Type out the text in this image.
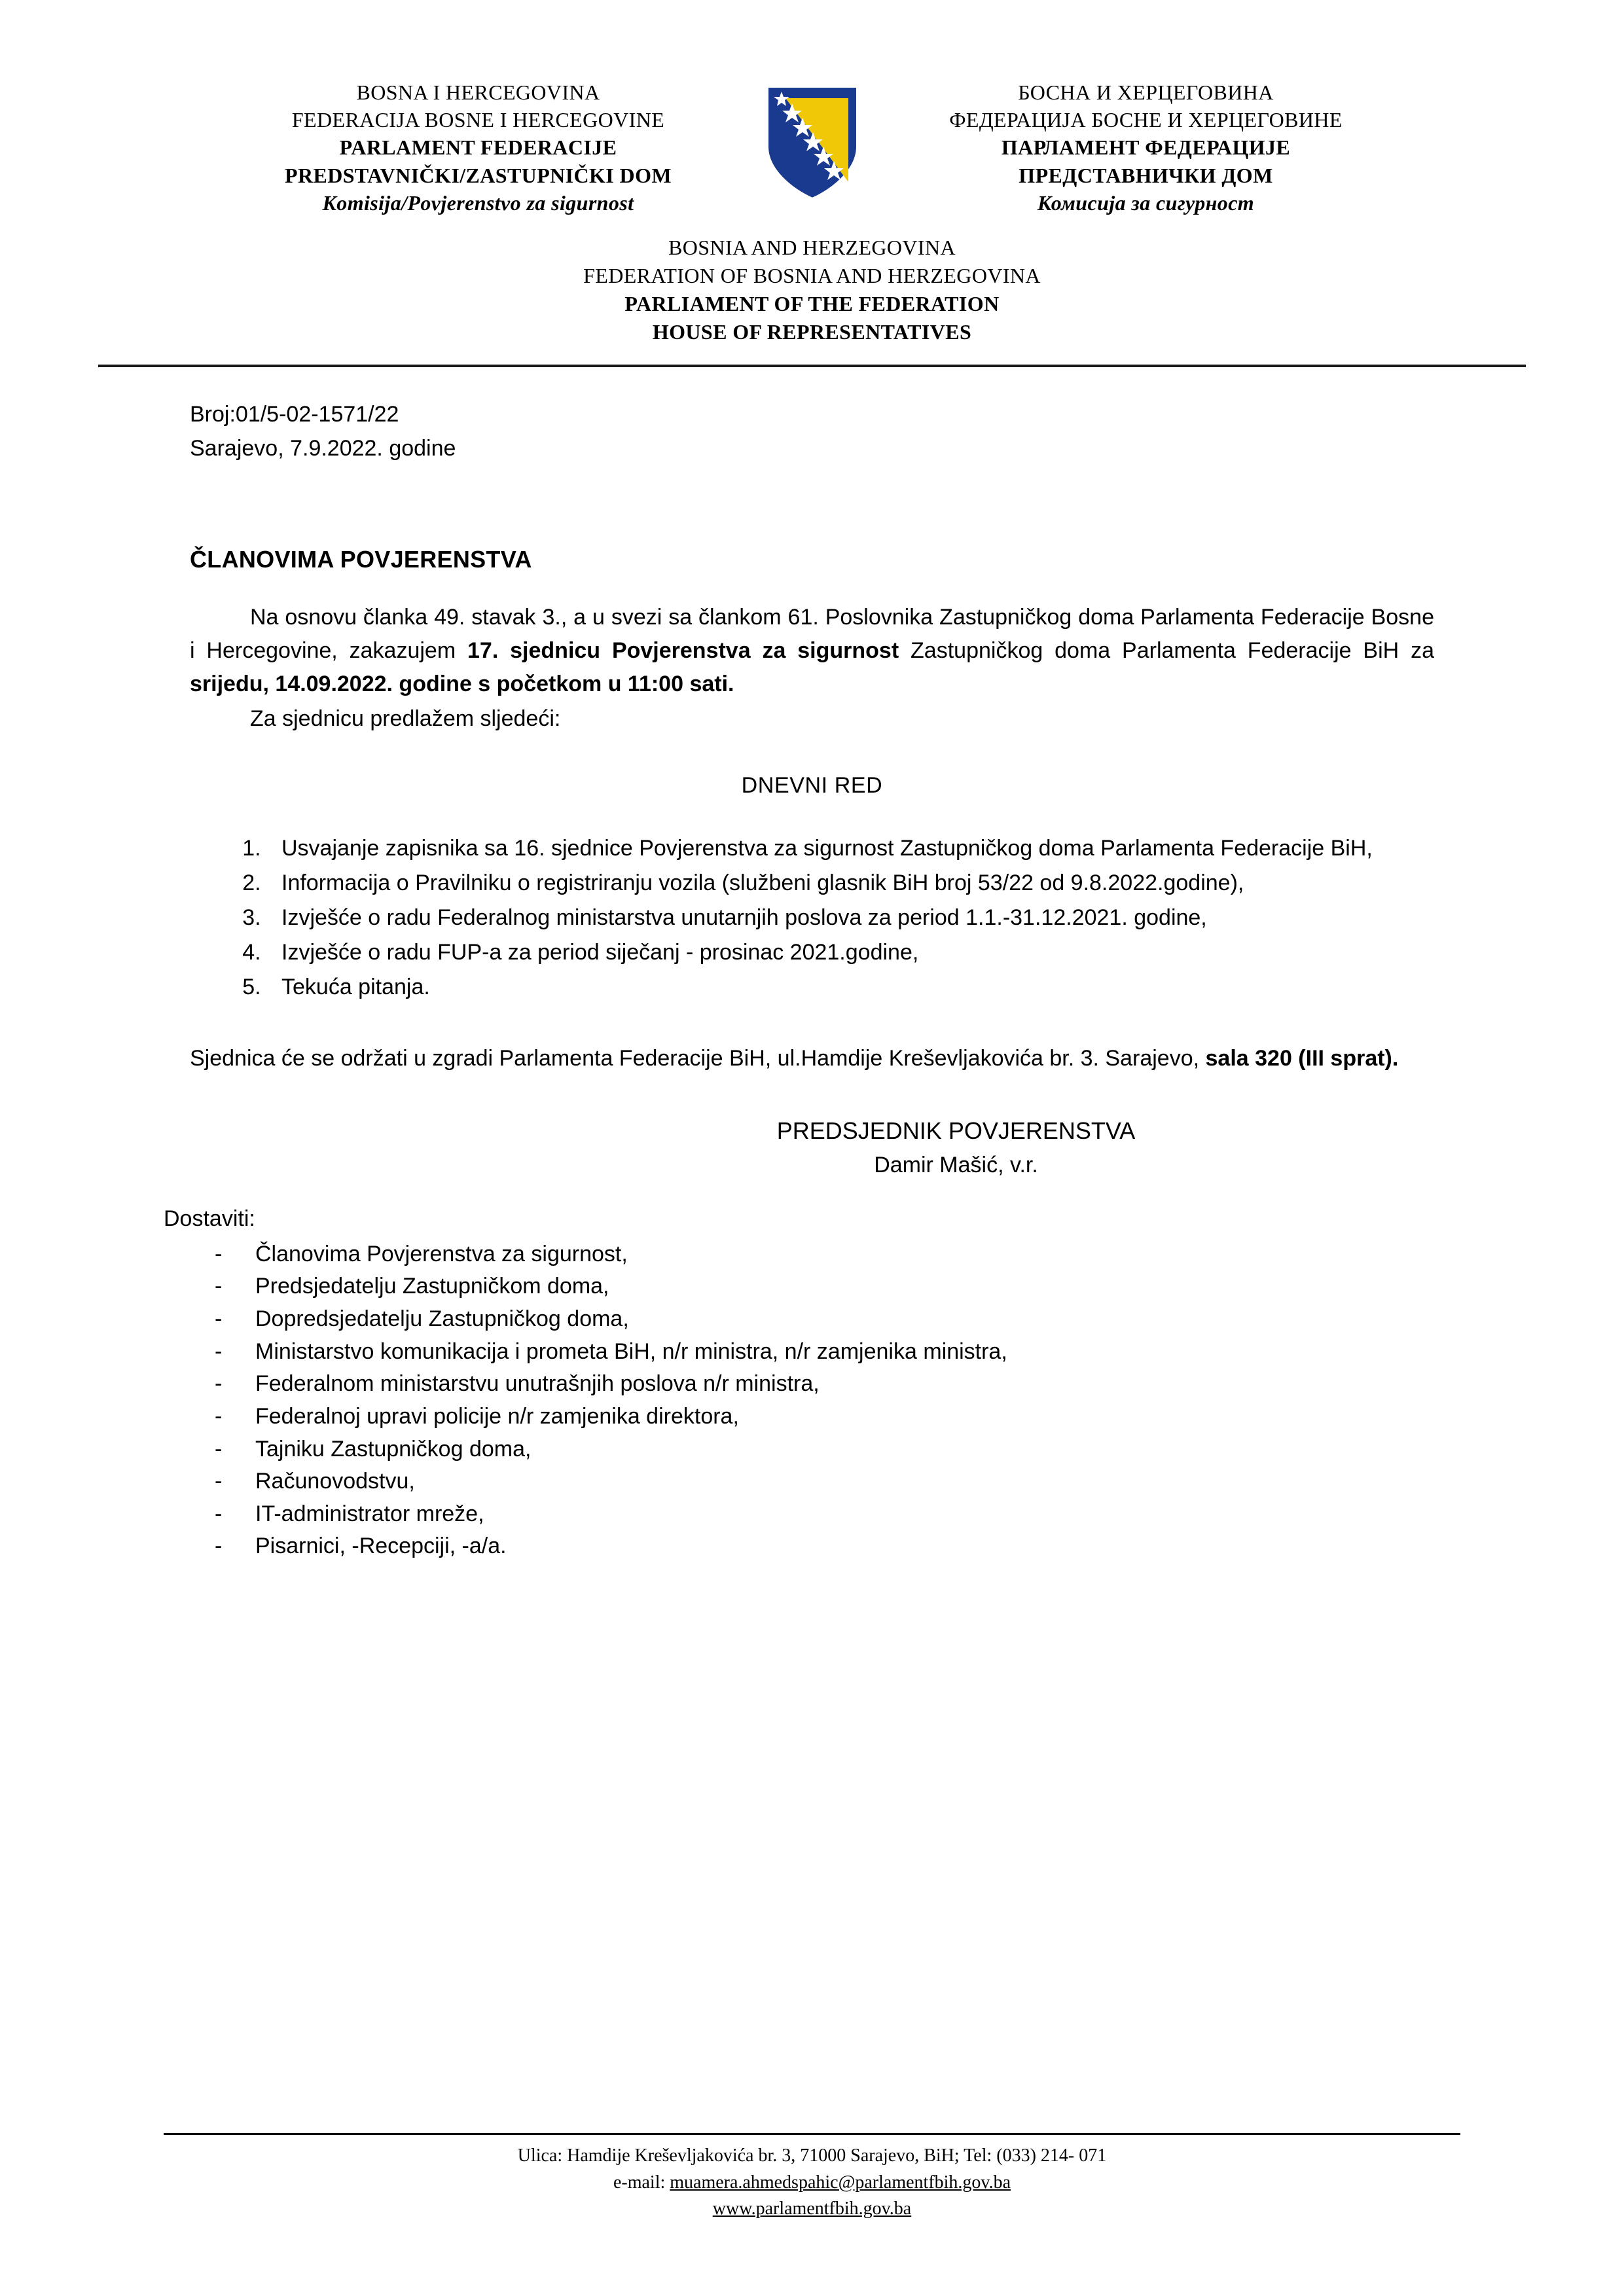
BOSNA I HERCEGOVINA
FEDERACIJA BOSNE I HERCEGOVINE
PARLAMENT FEDERACIJE
PREDSTAVNIČKI/ZASTUPNIČKI DOM
Komisija/Povjerenstvo za sigurnost
БОСНА И ХЕРЦЕГОВИНА
ФЕДЕРАЦИЈА БОСНЕ И ХЕРЦЕГОВИНЕ
ПАРЛАМЕНТ ФЕДЕРАЦИЈЕ
ПРЕДСТАВНИЧКИ ДОМ
Комисија за сигурност
BOSNIA AND HERZEGOVINA
FEDERATION OF BOSNIA AND HERZEGOVINA
PARLIAMENT OF THE FEDERATION
HOUSE OF REPRESENTATIVES
Broj:01/5-02-1571/22
Sarajevo, 7.9.2022. godine
ČLANOVIMA POVJERENSTVA
Na osnovu članka 49. stavak 3., a u svezi sa člankom 61. Poslovnika Zastupničkog doma Parlamenta Federacije Bosne i Hercegovine, zakazujem 17. sjednicu Povjerenstva za sigurnost Zastupničkog doma Parlamenta Federacije BiH za srijedu, 14.09.2022. godine s početkom u 11:00 sati.
Za sjednicu predlažem sljedeći:
DNEVNI RED
1. Usvajanje zapisnika sa 16. sjednice Povjerenstva za sigurnost Zastupničkog doma Parlamenta Federacije BiH,
2. Informacija o Pravilniku o registriranju vozila (službeni glasnik BiH broj 53/22 od 9.8.2022.godine),
3. Izvješće o radu Federalnog ministarstva unutarnjih poslova za period 1.1.-31.12.2021. godine,
4. Izvješće o radu FUP-a za period siječanj - prosinac 2021.godine,
5. Tekuća pitanja.
Sjednica će se održati u zgradi Parlamenta Federacije BiH, ul.Hamdije Kreševljakovića br. 3. Sarajevo, sala 320 (III sprat).
PREDSJEDNIK POVJERENSTVA
Damir Mašić, v.r.
Dostaviti:
- Članovima Povjerenstva za sigurnost,
- Predsjedatelju Zastupničkom doma,
- Dopredsjedatelju Zastupničkog doma,
- Ministarstvo komunikacija i prometa BiH, n/r ministra, n/r zamjenika ministra,
- Federalnom ministarstvu unutrašnjih poslova n/r ministra,
- Federalnoj upravi policije n/r zamjenika direktora,
- Tajniku Zastupničkog doma,
- Računovodstvu,
- IT-administrator mreže,
- Pisarnici, -Recepciji, -a/a.
Ulica: Hamdije Kreševljakovića br. 3, 71000 Sarajevo, BiH; Tel: (033) 214- 071
e-mail: muamera.ahmedspahic@parlamentfbih.gov.ba
www.parlamentfbih.gov.ba
